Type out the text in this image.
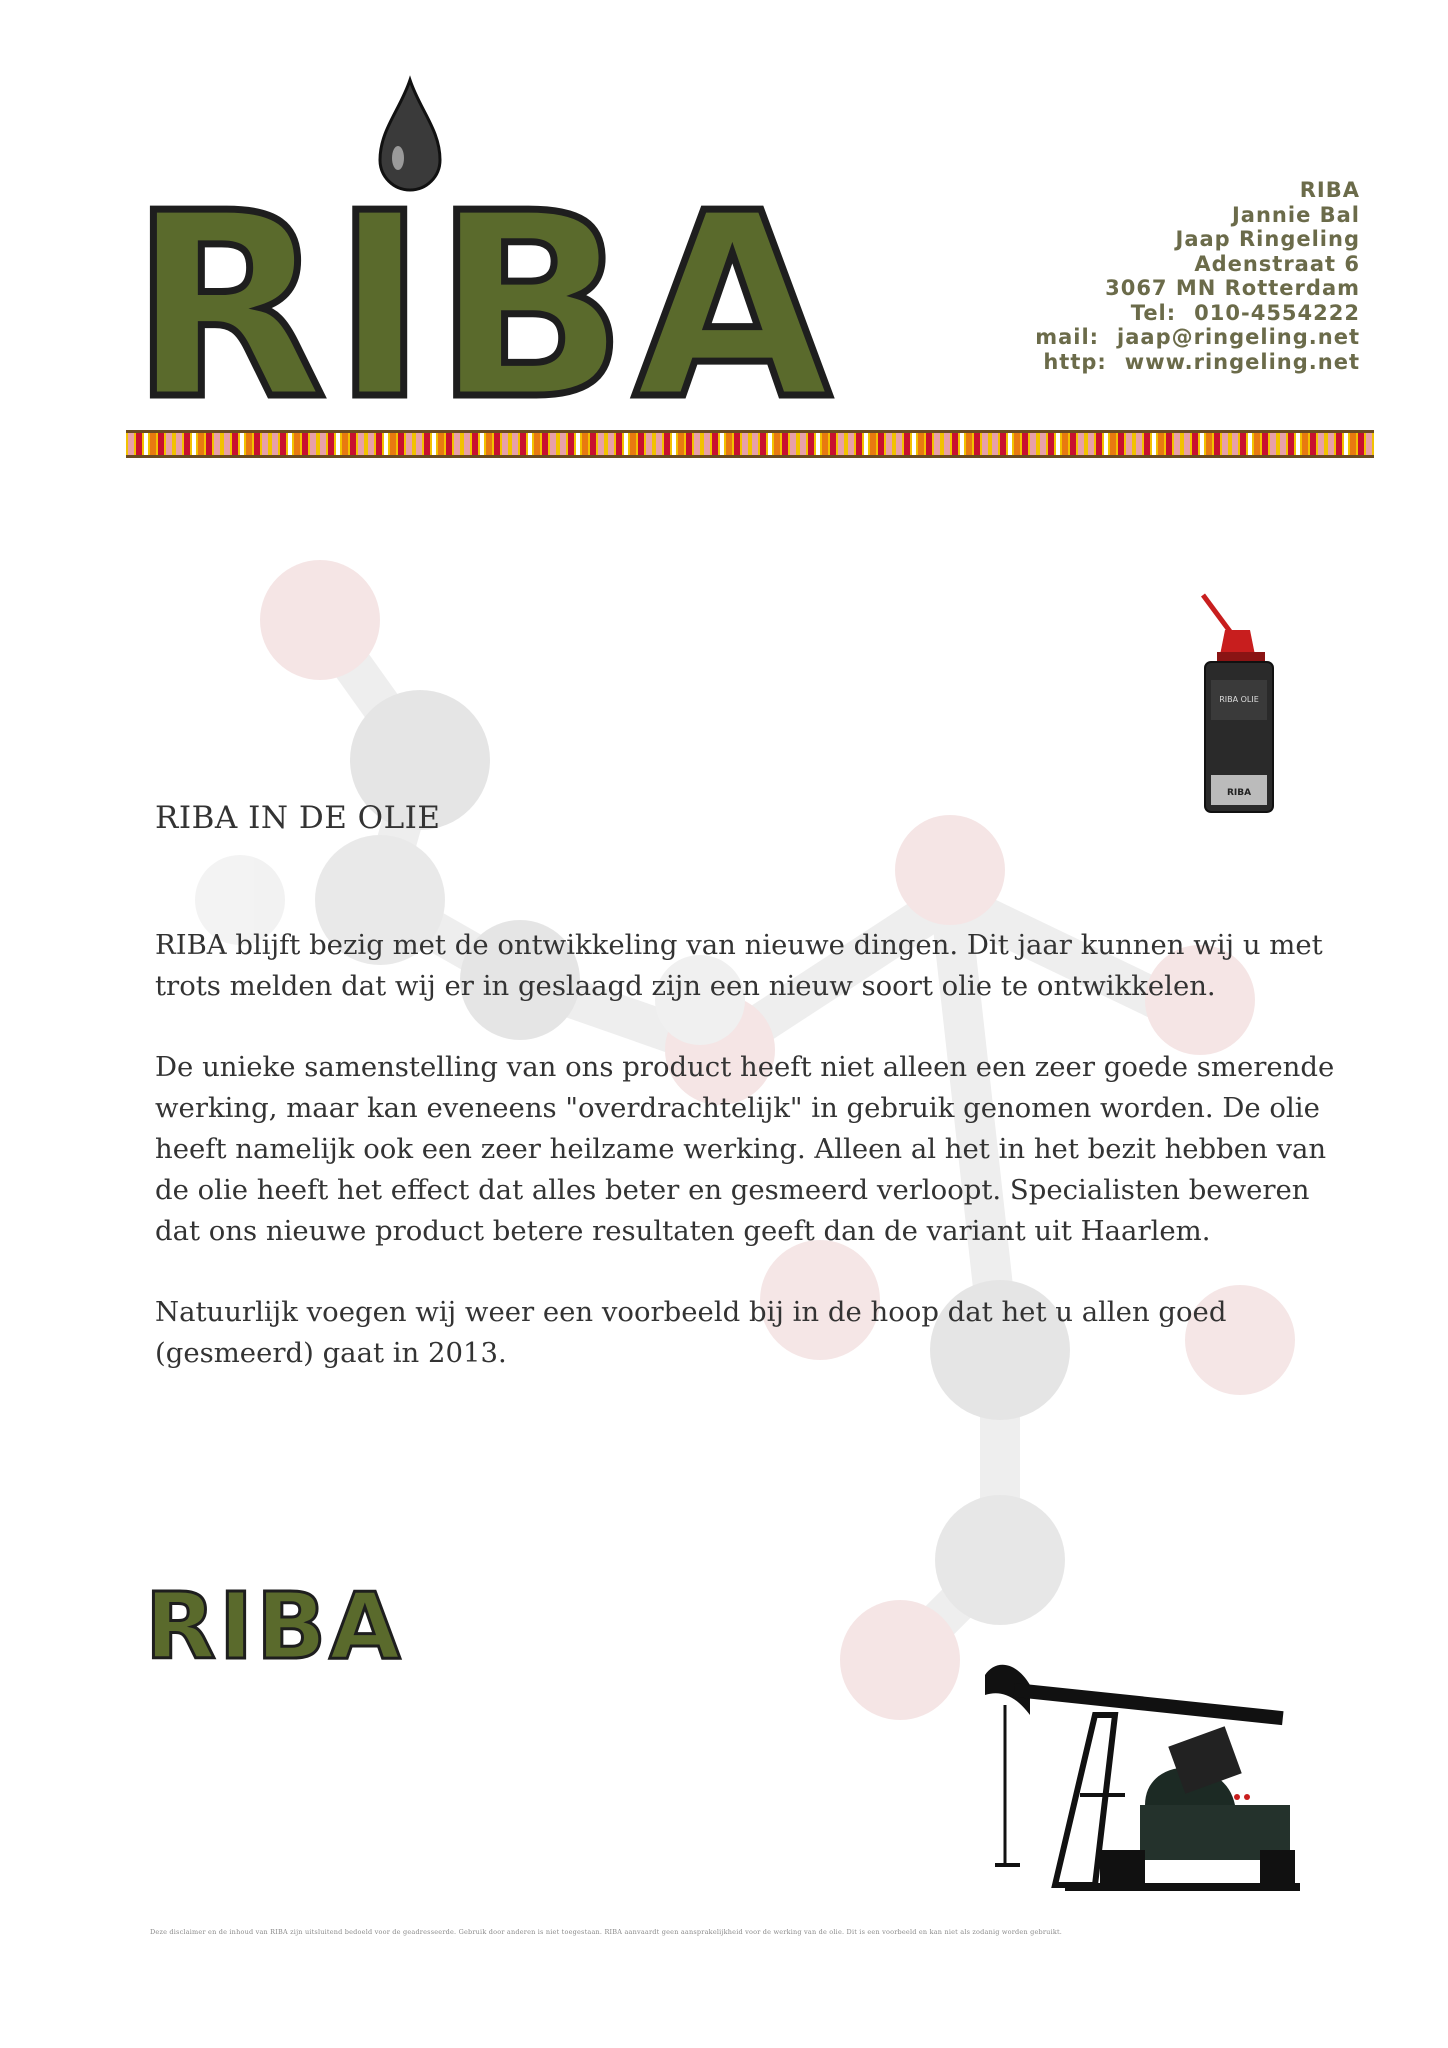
RIBA	RIBA
Jannie Bal
Jaap Ringeling
Adenstraat 6
3067 MN Rotterdam
Tel: 010-4554222
mail: jaap@ringeling.net
http: www.ringeling.net
RIBA OLIE
RIBA
RIBA IN DE OLIE

RIBA blijft bezig met de ontwikkeling van nieuwe dingen. Dit jaar kunnen wij u met trots melden dat wij er in geslaagd zijn een nieuw soort olie te ontwikkelen.

De unieke samenstelling van ons product heeft niet alleen een zeer goede smerende werking, maar kan eveneens "overdrachtelijk" in gebruik genomen worden. De olie heeft namelijk ook een zeer heilzame werking. Alleen al het in het bezit hebben van de olie heeft het effect dat alles beter en gesmeerd verloopt. Specialisten beweren dat ons nieuwe product betere resultaten geeft dan de variant uit Haarlem.

Natuurlijk voegen wij weer een voorbeeld bij in de hoop dat het u allen goed (gesmeerd) gaat in 2013.

RIBA
Deze disclaimer en de inhoud van RIBA zijn uitsluitend bedoeld voor de geadresseerde. Gebruik door anderen is niet toegestaan. RIBA aanvaardt geen aansprakelijkheid voor de werking van de olie. Dit is een voorbeeld en kan niet als zodanig worden gebruikt.
